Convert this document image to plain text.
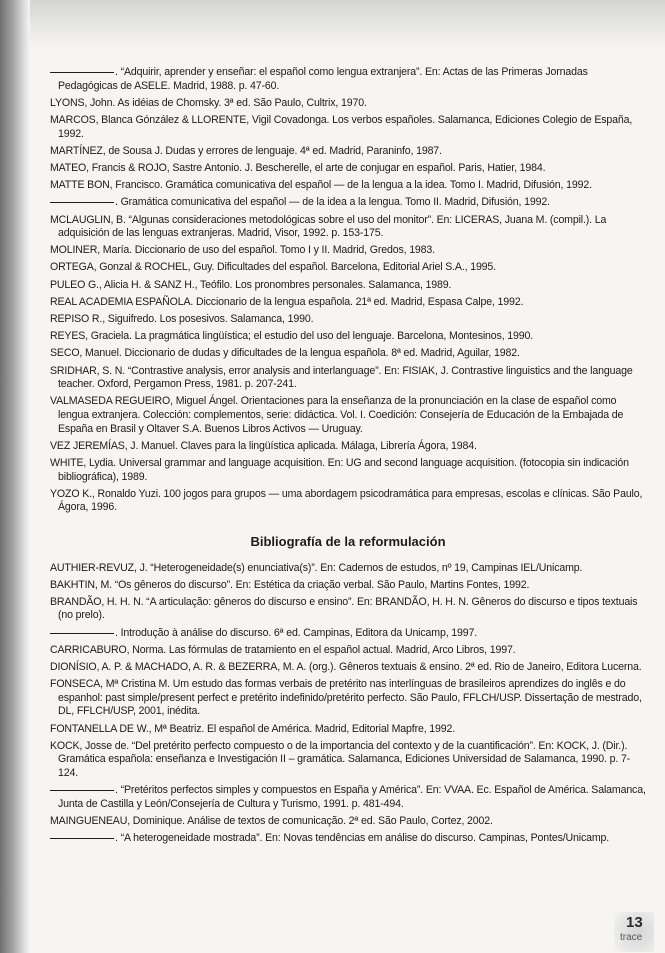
. “Adquirir, aprender y enseñar: el español como lengua extranjera”. En: Actas de las Primeras Jornadas Pedagógicas de ASELE. Madrid, 1988. p. 47-60.
LYONS, John. As idéias de Chomsky. 3ª ed. São Paulo, Cultrix, 1970.
MARCOS, Blanca Gónzález & LLORENTE, Vigil Covadonga. Los verbos españoles. Salamanca, Ediciones Colegio de España, 1992.
MARTÍNEZ, de Sousa J. Dudas y errores de lenguaje. 4ª ed. Madrid, Paraninfo, 1987.
MATEO, Francis & ROJO, Sastre Antonio. J. Bescherelle, el arte de conjugar en español. Paris, Hatier, 1984.
MATTE BON, Francisco. Gramática comunicativa del español — de la lengua a la idea. Tomo I. Madrid, Difusión, 1992.
. Gramática comunicativa del español — de la idea a la lengua. Tomo II. Madrid, Difusión, 1992.
MCLAUGLIN, B. “Algunas consideraciones metodológicas sobre el uso del monitor”. En: LICERAS, Juana M. (compil.). La adquisición de las lenguas extranjeras. Madrid, Visor, 1992. p. 153-175.
MOLINER, María. Diccionario de uso del español. Tomo I y II. Madrid, Gredos, 1983.
ORTEGA, Gonzal & ROCHEL, Guy. Dificultades del español. Barcelona, Editorial Ariel S.A., 1995.
PULEO G., Alicia H. & SANZ H., Teófilo. Los pronombres personales. Salamanca, 1989.
REAL ACADEMIA ESPAÑOLA. Diccionario de la lengua española. 21ª ed. Madrid, Espasa Calpe, 1992.
REPISO R., Siguifredo. Los posesivos. Salamanca, 1990.
REYES, Graciela. La pragmática lingüística; el estudio del uso del lenguaje. Barcelona, Montesinos, 1990.
SECO, Manuel. Diccionario de dudas y dificultades de la lengua española. 8ª ed. Madrid, Aguilar, 1982.
SRIDHAR, S. N. “Contrastive analysis, error analysis and interlanguage”. En: FISIAK, J. Contrastive linguistics and the language teacher. Oxford, Pergamon Press, 1981. p. 207-241.
VALMASEDA REGUEIRO, Miguel Ángel. Orientaciones para la enseñanza de la pronunciación en la clase de español como lengua extranjera. Colección: complementos, serie: didáctica. Vol. I. Coedición: Consejería de Educación de la Embajada de España en Brasil y Oltaver S.A. Buenos Libros Activos — Uruguay.
VEZ JEREMÍAS, J. Manuel. Claves para la lingüística aplicada. Málaga, Librería Ágora, 1984.
WHITE, Lydia. Universal grammar and language acquisition. En: UG and second language acquisition. (fotocopia sin indicación bibliográfica), 1989.
YOZO K., Ronaldo Yuzi. 100 jogos para grupos — uma abordagem psicodramática para empresas, escolas e clínicas. São Paulo, Ágora, 1996.
Bibliografía de la reformulación
AUTHIER-REVUZ, J. “Heterogeneidade(s) enunciativa(s)”. En: Cadernos de estudos, nº 19, Campinas IEL/Unicamp.
BAKHTIN, M. “Os gêneros do discurso”. En: Estética da criação verbal. São Paulo, Martins Fontes, 1992.
BRANDÃO, H. H. N. “A articulação: gêneros do discurso e ensino”. En: BRANDÃO, H. H. N. Gêneros do discurso e tipos textuais (no prelo).
. Introdução à análise do discurso. 6ª ed. Campinas, Editora da Unicamp, 1997.
CARRICABURO, Norma. Las fórmulas de tratamiento en el español actual. Madrid, Arco Libros, 1997.
DIONÍSIO, A. P. & MACHADO, A. R. & BEZERRA, M. A. (org.). Gêneros textuais & ensino. 2ª ed. Rio de Janeiro, Editora Lucerna.
FONSECA, Mª Cristina M. Um estudo das formas verbais de pretérito nas interlínguas de brasileiros aprendizes do inglês e do espanhol: past simple/present perfect e pretérito indefinido/pretérito perfecto. São Paulo, FFLCH/USP. Dissertação de mestrado, DL, FFLCH/USP, 2001, inédita.
FONTANELLA DE W., Mª Beatriz. El español de América. Madrid, Editorial Mapfre, 1992.
KOCK, Josse de. “Del pretérito perfecto compuesto o de la importancia del contexto y de la cuantificación”. En: KOCK, J. (Dir.). Gramática española: enseñanza e Investigación II – gramática. Salamanca, Ediciones Universidad de Salamanca, 1990. p. 7-124.
. “Pretéritos perfectos simples y compuestos en España y América”. En: VVAA. Ec. Español de América. Salamanca, Junta de Castilla y León/Consejería de Cultura y Turismo, 1991. p. 481-494.
MAINGUENEAU, Dominique. Análise de textos de comunicação. 2ª ed. São Paulo, Cortez, 2002.
. “A heterogeneidade mostrada”. En: Novas tendências em análise do discurso. Campinas, Pontes/Unicamp.
13
trace
